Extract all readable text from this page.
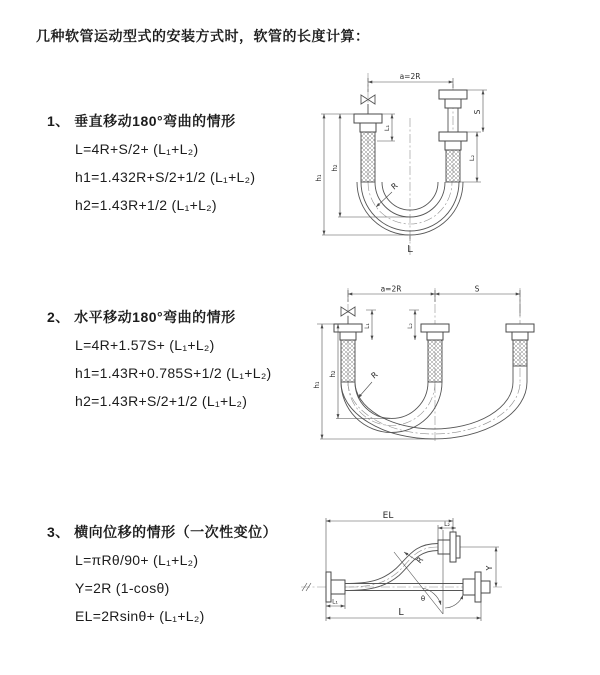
几种软管运动型式的安装方式时，软管的长度计算：
1、 垂直移动180°弯曲的情形

L=4R+S/2+ (L₁+L₂)

h1=1.432R+S/2+1/2 (L₁+L₂)

h2=1.43R+1/2 (L₁+L₂)

2、 水平移动180°弯曲的情形

L=4R+1.57S+ (L₁+L₂)

h1=1.43R+0.785S+1/2 (L₁+L₂)

h2=1.43R+S/2+1/2 (L₁+L₂)

3、 横向位移的情形（一次性变位）

L=πRθ/90+ (L₁+L₂)

Y=2R (1-cosθ)

EL=2Rsinθ+ (L₁+L₂)

a=2R
R
S
L₂
L₁
h₂
h₁
L
a=2R	S
L₁	L₂
h₂
h₁
R
θ
EL
L₂
Y
R
L₁
L
